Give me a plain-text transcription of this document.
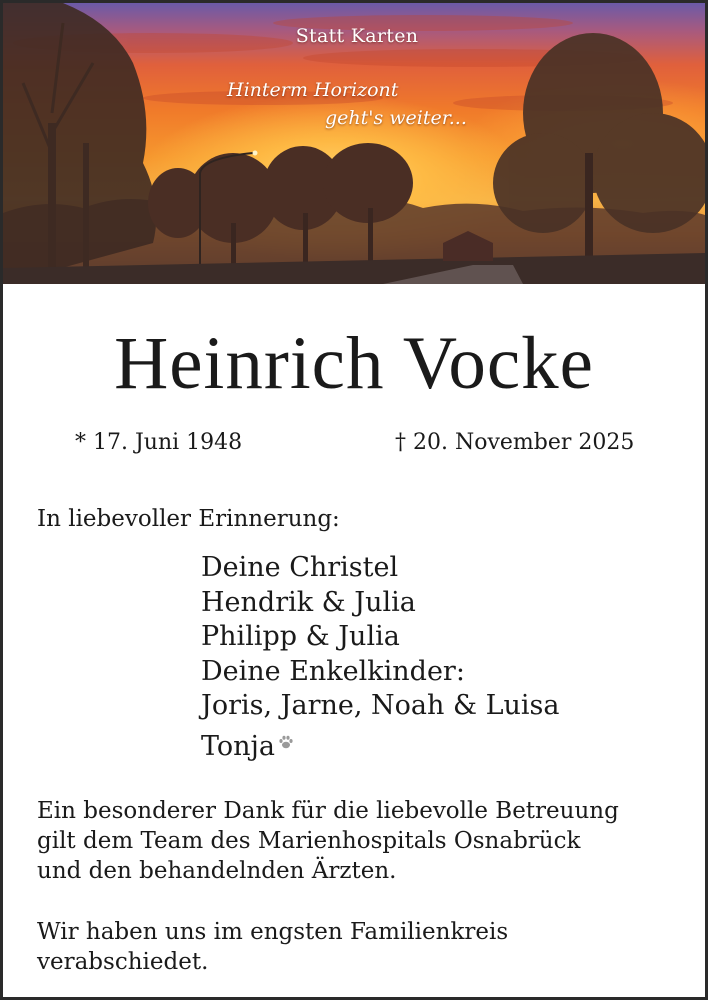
Statt Karten
Hinterm Horizont
geht's weiter...
Heinrich Vocke
* 17. Juni 1948	† 20. November 2025
In liebevoller Erinnerung:
Deine Christel
Hendrik & Julia
Philipp & Julia
Deine Enkelkinder:
Joris, Jarne, Noah & Luisa
Tonja
Ein besonderer Dank für die liebevolle Betreuung
gilt dem Team des Marienhospitals Osnabrück
und den behandelnden Ärzten.
Wir haben uns im engsten Familienkreis
verabschiedet.
